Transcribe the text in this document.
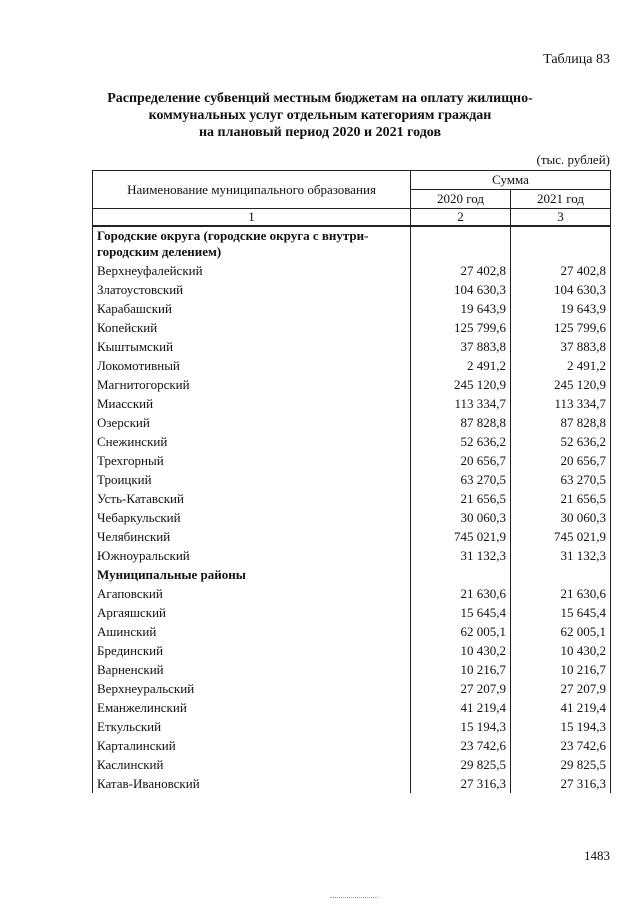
Таблица 83
Распределение субвенций местным бюджетам на оплату жилищно-
коммунальных услуг отдельным категориям граждан
на плановый период 2020 и 2021 годов
(тыс. рублей)
Наименование муниципального образования	Сумма	
	2020 год	2021 год
1	2	3
Городские округа (городские округа с внутри-городским делением)		
Верхнеуфалейский	27 402,8	27 402,8
Златоустовский	104 630,3	104 630,3
Карабашский	19 643,9	19 643,9
Копейский	125 799,6	125 799,6
Кыштымский	37 883,8	37 883,8
Локомотивный	2 491,2	2 491,2
Магнитогорский	245 120,9	245 120,9
Миасский	113 334,7	113 334,7
Озерский	87 828,8	87 828,8
Снежинский	52 636,2	52 636,2
Трехгорный	20 656,7	20 656,7
Троицкий	63 270,5	63 270,5
Усть-Катавский	21 656,5	21 656,5
Чебаркульский	30 060,3	30 060,3
Челябинский	745 021,9	745 021,9
Южноуральский	31 132,3	31 132,3
Муниципальные районы		
Агаповский	21 630,6	21 630,6
Аргаяшский	15 645,4	15 645,4
Ашинский	62 005,1	62 005,1
Брединский	10 430,2	10 430,2
Варненский	10 216,7	10 216,7
Верхнеуральский	27 207,9	27 207,9
Еманжелинский	41 219,4	41 219,4
Еткульский	15 194,3	15 194,3
Карталинский	23 742,6	23 742,6
Каслинский	29 825,5	29 825,5
Катав-Ивановский	27 316,3	27 316,3
1483
